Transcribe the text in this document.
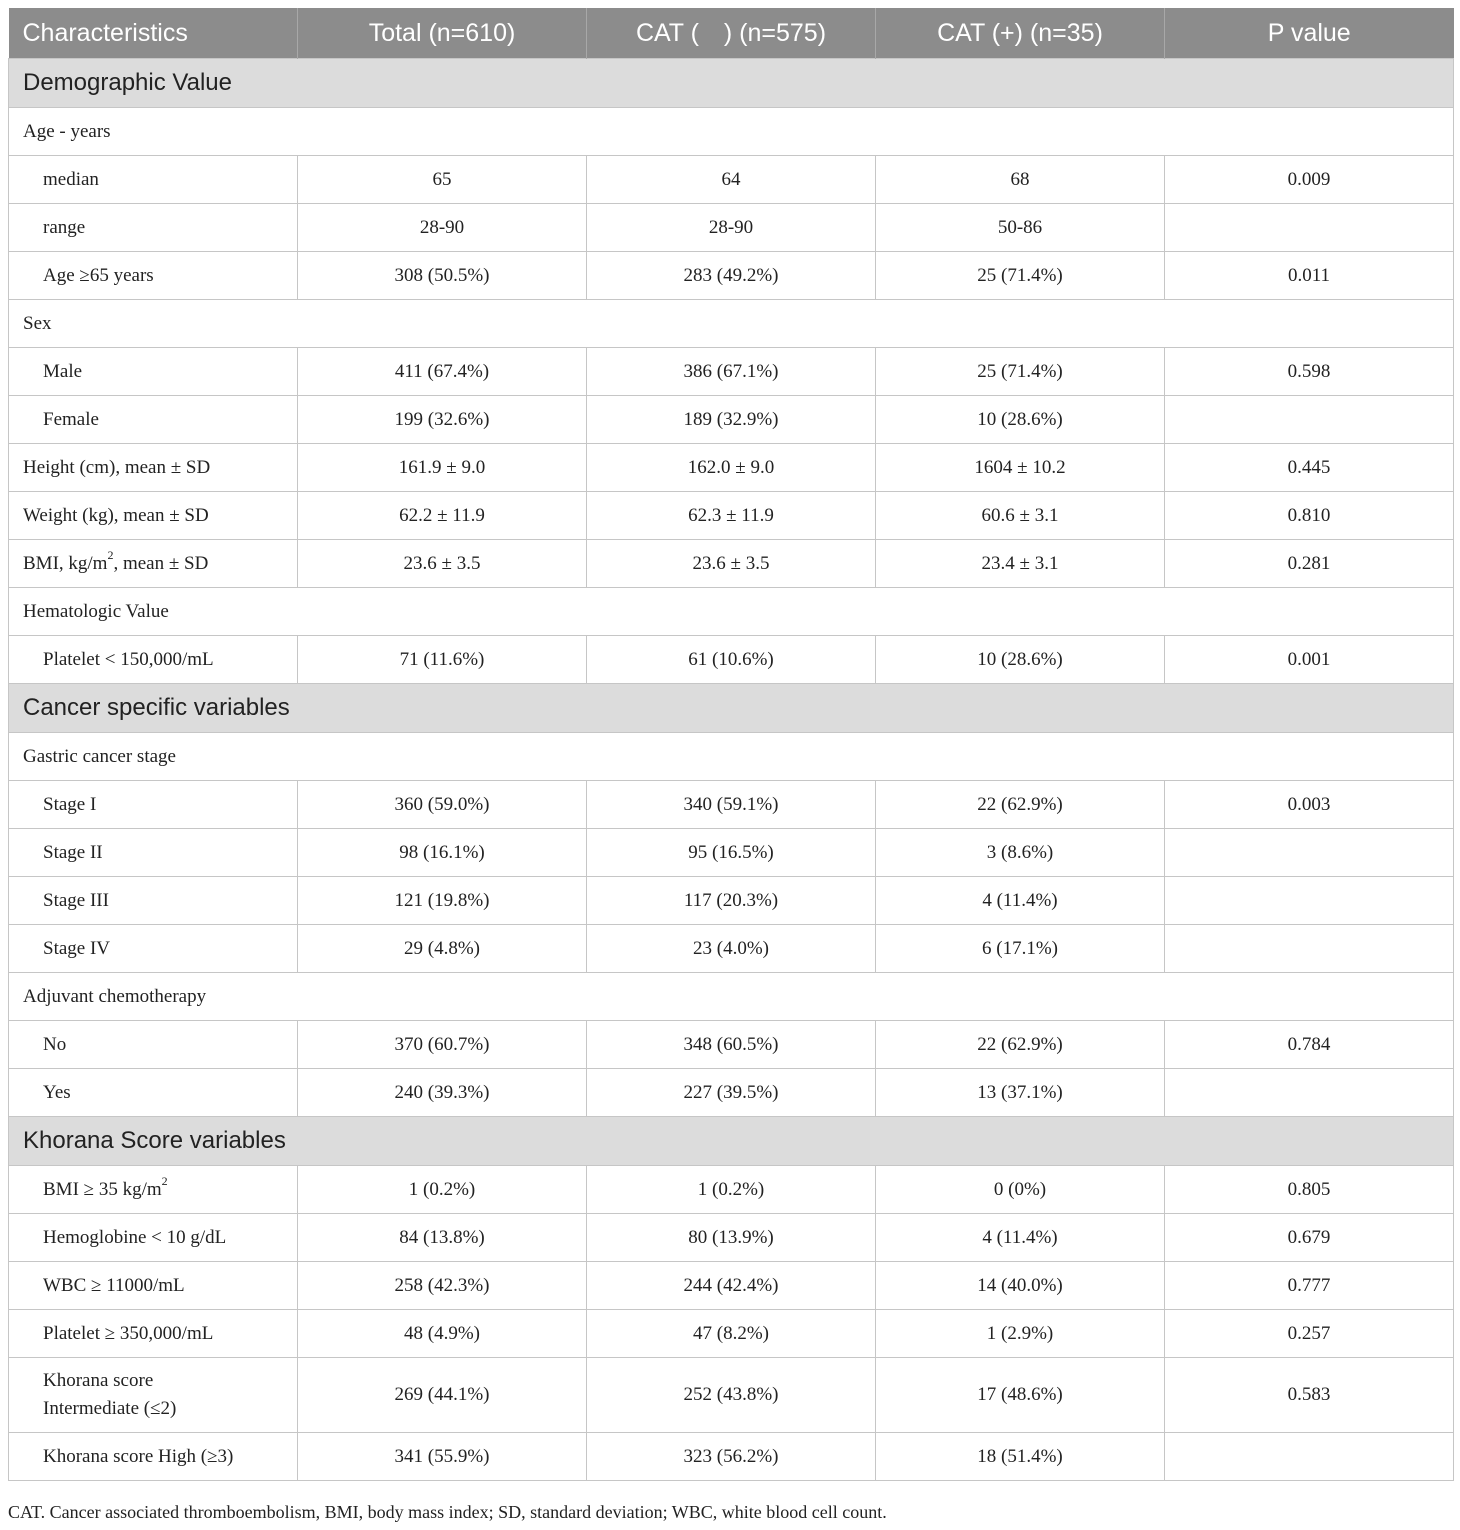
Characteristics	Total (n=610)	CAT (  ) (n=575)	CAT (+) (n=35)	P value
Demographic Value				
Age - years				
median	65	64	68	0.009
range	28-90	28-90	50-86	
Age ≥65 years	308 (50.5%)	283 (49.2%)	25 (71.4%)	0.011
Sex				
Male	411 (67.4%)	386 (67.1%)	25 (71.4%)	0.598
Female	199 (32.6%)	189 (32.9%)	10 (28.6%)	
Height (cm), mean ± SD	161.9 ± 9.0	162.0 ± 9.0	1604 ± 10.2	0.445
Weight (kg), mean ± SD	62.2 ± 11.9	62.3 ± 11.9	60.6 ± 3.1	0.810
BMI, $kg/m^2$, mean ± SD	23.6 ± 3.5	23.6 ± 3.5	23.4 ± 3.1	0.281
Hematologic Value				
Platelet < 150,000/mL	71 (11.6%)	61 (10.6%)	10 (28.6%)	0.001
Cancer specific variables				
Gastric cancer stage				
Stage I	360 (59.0%)	340 (59.1%)	22 (62.9%)	0.003
Stage II	98 (16.1%)	95 (16.5%)	3 (8.6%)	
Stage III	121 (19.8%)	117 (20.3%)	4 (11.4%)	
Stage IV	29 (4.8%)	23 (4.0%)	6 (17.1%)	
Adjuvant chemotherapy				
No	370 (60.7%)	348 (60.5%)	22 (62.9%)	0.784
Yes	240 (39.3%)	227 (39.5%)	13 (37.1%)	
Khorana Score variables				
BMI ≥ 35 $kg/m^2$	1 (0.2%)	1 (0.2%)	0 (0%)	0.805
Hemoglobine < 10 g/dL	84 (13.8%)	80 (13.9%)	4 (11.4%)	0.679
WBC ≥ 11000/mL	258 (42.3%)	244 (42.4%)	14 (40.0%)	0.777
Platelet ≥ 350,000/mL	48 (4.9%)	47 (8.2%)	1 (2.9%)	0.257

Khorana score
Intermediate (≤2)	269 (44.1%)	252 (43.8%)	17 (48.6%)	0.583
Khorana score High (≥3)	341 (55.9%)	323 (56.2%)	18 (51.4%)	
CAT. Cancer associated thromboembolism, BMI, body mass index; SD, standard deviation; WBC, white blood cell count.
